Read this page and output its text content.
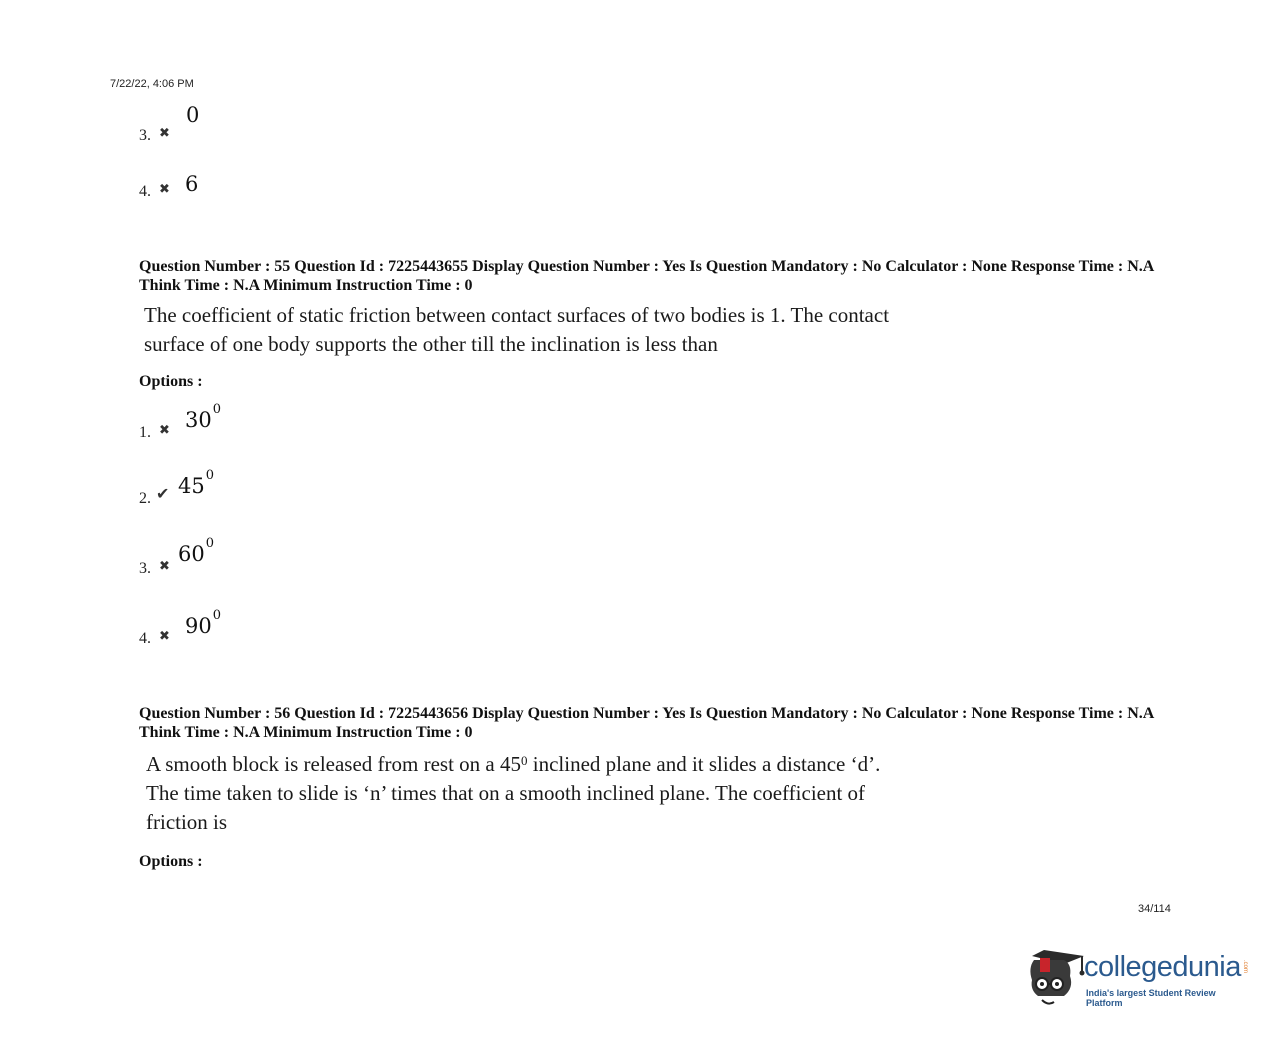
7/22/22, 4:06 PM
0
3. ✖
4. ✖ 6
Question Number : 55 Question Id : 7225443655 Display Question Number : Yes Is Question Mandatory : No Calculator : None Response Time : N.A Think Time : N.A Minimum Instruction Time : 0
The coefficient of static friction between contact surfaces of two bodies is 1. The contact
surface of one body supports the other till the inclination is less than
Options :
1. ✖ $30^0$
2. ✔ $45^0$
3. ✖ $60^0$
4. ✖ $90^0$
Question Number : 56 Question Id : 7225443656 Display Question Number : Yes Is Question Mandatory : No Calculator : None Response Time : N.A Think Time : N.A Minimum Instruction Time : 0
A smooth block is released from rest on a $45^0$ inclined plane and it slides a distance ‘d’.
The time taken to slide is ‘n’ times that on a smooth inclined plane. The coefficient of
friction is
Options :
34/114
collegedunia .com
India's largest Student Review Platform
